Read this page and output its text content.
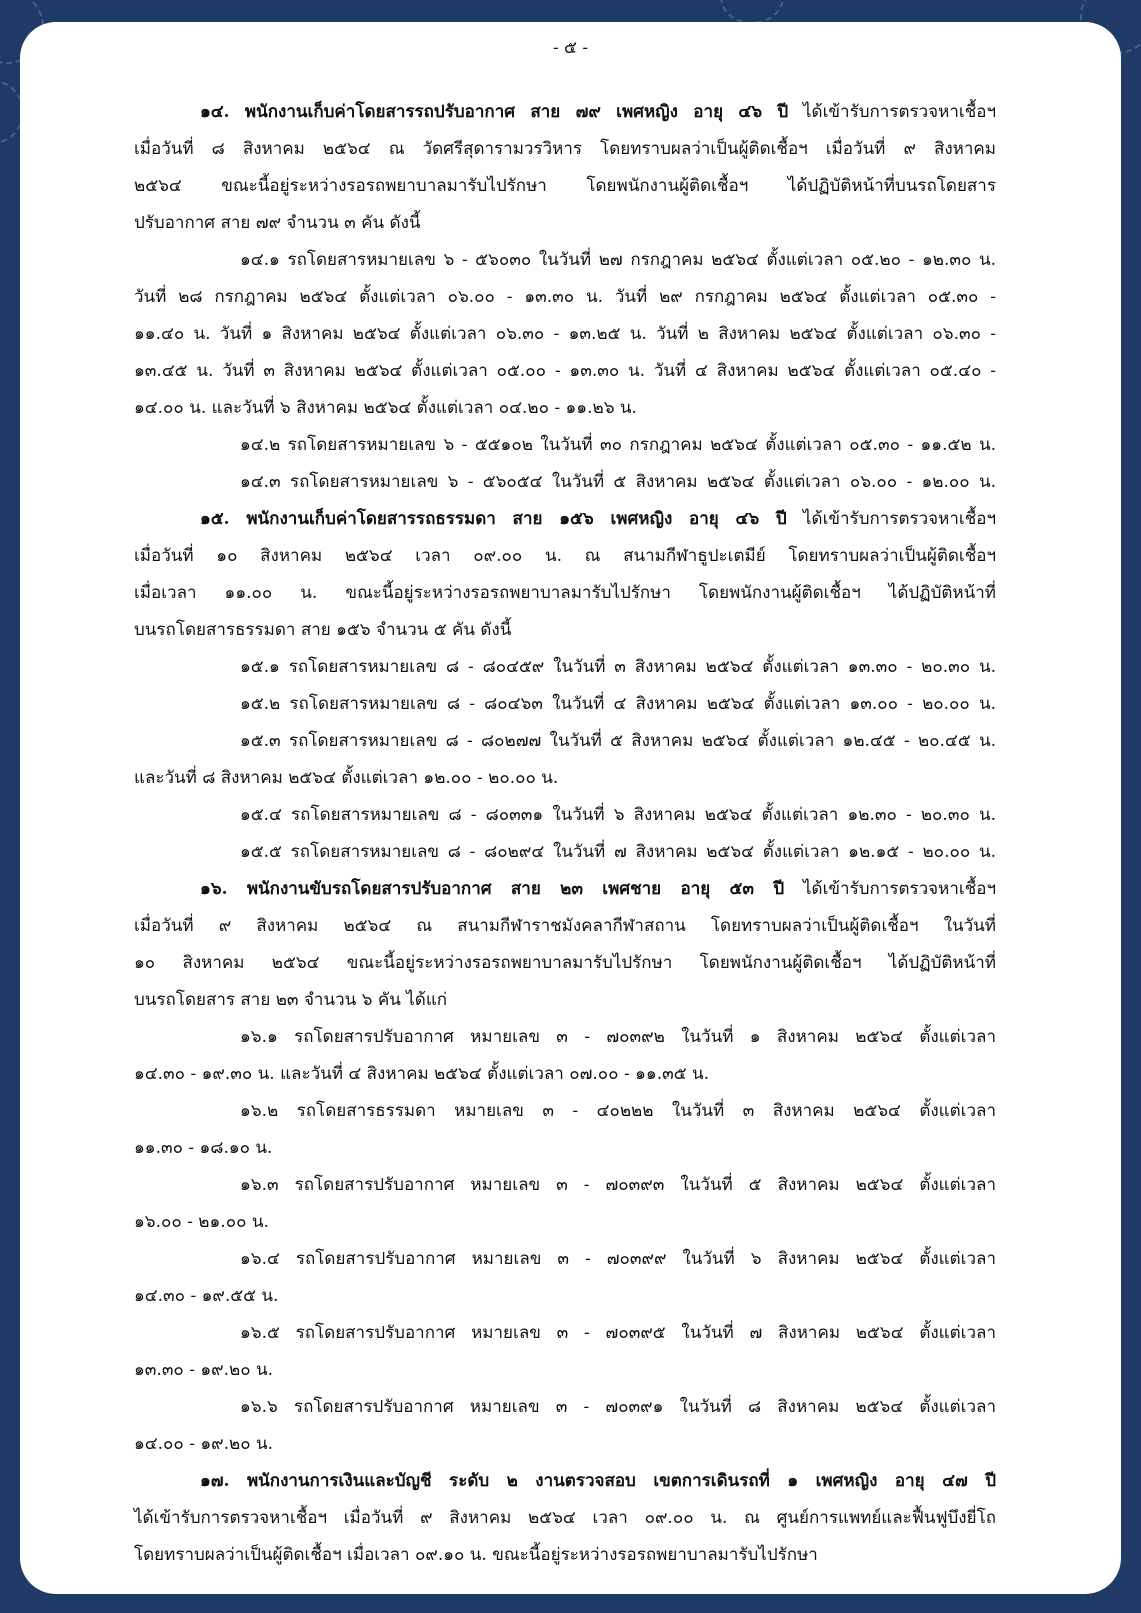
- ๕ -

๑๔. พนักงานเก็บค่าโดยสารรถปรับอากาศ สาย ๗๙ เพศหญิง อายุ ๔๖ ปี ได้เข้ารับการตรวจหาเชื้อฯ

เมื่อวันที่ ๘ สิงหาคม ๒๕๖๔ ณ วัดศรีสุดารามวรวิหาร โดยทราบผลว่าเป็นผู้ติดเชื้อฯ เมื่อวันที่ ๙ สิงหาคม

๒๕๖๔ ขณะนี้อยู่ระหว่างรอรถพยาบาลมารับไปรักษา โดยพนักงานผู้ติดเชื้อฯ ได้ปฏิบัติหน้าที่บนรถโดยสาร

ปรับอากาศ สาย ๗๙ จำนวน ๓ คัน ดังนี้

๑๔.๑ รถโดยสารหมายเลข ๖ - ๕๖๐๓๐ ในวันที่ ๒๗ กรกฎาคม ๒๕๖๔ ตั้งแต่เวลา ๐๕.๒๐ - ๑๒.๓๐ น.

วันที่ ๒๘ กรกฎาคม ๒๕๖๔ ตั้งแต่เวลา ๐๖.๐๐ - ๑๓.๓๐ น. วันที่ ๒๙ กรกฎาคม ๒๕๖๔ ตั้งแต่เวลา ๐๕.๓๐ -

๑๑.๔๐ น. วันที่ ๑ สิงหาคม ๒๕๖๔ ตั้งแต่เวลา ๐๖.๓๐ - ๑๓.๒๕ น. วันที่ ๒ สิงหาคม ๒๕๖๔ ตั้งแต่เวลา ๐๖.๓๐ -

๑๓.๔๕ น. วันที่ ๓ สิงหาคม ๒๕๖๔ ตั้งแต่เวลา ๐๕.๐๐ - ๑๓.๓๐ น. วันที่ ๔ สิงหาคม ๒๕๖๔ ตั้งแต่เวลา ๐๕.๔๐ -

๑๔.๐๐ น. และวันที่ ๖ สิงหาคม ๒๕๖๔ ตั้งแต่เวลา ๐๔.๒๐ - ๑๑.๒๖ น.

๑๔.๒ รถโดยสารหมายเลข ๖ - ๕๕๑๐๒ ในวันที่ ๓๐ กรกฎาคม ๒๕๖๔ ตั้งแต่เวลา ๐๕.๓๐ - ๑๑.๕๒ น.

๑๔.๓ รถโดยสารหมายเลข ๖ - ๕๖๐๕๔ ในวันที่ ๕ สิงหาคม ๒๕๖๔ ตั้งแต่เวลา ๐๖.๐๐ - ๑๒.๐๐ น.

๑๕. พนักงานเก็บค่าโดยสารรถธรรมดา สาย ๑๕๖ เพศหญิง อายุ ๔๖ ปี ได้เข้ารับการตรวจหาเชื้อฯ

เมื่อวันที่ ๑๐ สิงหาคม ๒๕๖๔ เวลา ๐๙.๐๐ น. ณ สนามกีฬาธูปะเตมีย์ โดยทราบผลว่าเป็นผู้ติดเชื้อฯ

เมื่อเวลา ๑๑.๐๐ น. ขณะนี้อยู่ระหว่างรอรถพยาบาลมารับไปรักษา โดยพนักงานผู้ติดเชื้อฯ ได้ปฏิบัติหน้าที่

บนรถโดยสารธรรมดา สาย ๑๕๖ จำนวน ๕ คัน ดังนี้

๑๕.๑ รถโดยสารหมายเลข ๘ - ๘๐๔๕๙ ในวันที่ ๓ สิงหาคม ๒๕๖๔ ตั้งแต่เวลา ๑๓.๓๐ - ๒๐.๓๐ น.

๑๕.๒ รถโดยสารหมายเลข ๘ - ๘๐๔๖๓ ในวันที่ ๔ สิงหาคม ๒๕๖๔ ตั้งแต่เวลา ๑๓.๐๐ - ๒๐.๐๐ น.

๑๕.๓ รถโดยสารหมายเลข ๘ - ๘๐๒๗๗ ในวันที่ ๕ สิงหาคม ๒๕๖๔ ตั้งแต่เวลา ๑๒.๔๕ - ๒๐.๔๕ น.

และวันที่ ๘ สิงหาคม ๒๕๖๔ ตั้งแต่เวลา ๑๒.๐๐ - ๒๐.๐๐ น.

๑๕.๔ รถโดยสารหมายเลข ๘ - ๘๐๓๓๑ ในวันที่ ๖ สิงหาคม ๒๕๖๔ ตั้งแต่เวลา ๑๒.๓๐ - ๒๐.๓๐ น.

๑๕.๕ รถโดยสารหมายเลข ๘ - ๘๐๒๙๔ ในวันที่ ๗ สิงหาคม ๒๕๖๔ ตั้งแต่เวลา ๑๒.๑๕ - ๒๐.๐๐ น.

๑๖. พนักงานขับรถโดยสารปรับอากาศ สาย ๒๓ เพศชาย อายุ ๕๓ ปี ได้เข้ารับการตรวจหาเชื้อฯ

เมื่อวันที่ ๙ สิงหาคม ๒๕๖๔ ณ สนามกีฬาราชมังคลากีฬาสถาน โดยทราบผลว่าเป็นผู้ติดเชื้อฯ ในวันที่

๑๐ สิงหาคม ๒๕๖๔ ขณะนี้อยู่ระหว่างรอรถพยาบาลมารับไปรักษา โดยพนักงานผู้ติดเชื้อฯ ได้ปฏิบัติหน้าที่

บนรถโดยสาร สาย ๒๓ จำนวน ๖ คัน ได้แก่

๑๖.๑ รถโดยสารปรับอากาศ หมายเลข ๓ - ๗๐๓๙๒ ในวันที่ ๑ สิงหาคม ๒๕๖๔ ตั้งแต่เวลา

๑๔.๓๐ - ๑๙.๓๐ น. และวันที่ ๔ สิงหาคม ๒๕๖๔ ตั้งแต่เวลา ๐๗.๐๐ - ๑๑.๓๕ น.

๑๖.๒ รถโดยสารธรรมดา หมายเลข ๓ - ๔๐๒๒๒ ในวันที่ ๓ สิงหาคม ๒๕๖๔ ตั้งแต่เวลา

๑๑.๓๐ - ๑๘.๑๐ น.

๑๖.๓ รถโดยสารปรับอากาศ หมายเลข ๓ - ๗๐๓๙๓ ในวันที่ ๕ สิงหาคม ๒๕๖๔ ตั้งแต่เวลา

๑๖.๐๐ - ๒๑.๐๐ น.

๑๖.๔ รถโดยสารปรับอากาศ หมายเลข ๓ - ๗๐๓๙๙ ในวันที่ ๖ สิงหาคม ๒๕๖๔ ตั้งแต่เวลา

๑๔.๓๐ - ๑๙.๕๕ น.

๑๖.๕ รถโดยสารปรับอากาศ หมายเลข ๓ - ๗๐๓๙๕ ในวันที่ ๗ สิงหาคม ๒๕๖๔ ตั้งแต่เวลา

๑๓.๓๐ - ๑๙.๒๐ น.

๑๖.๖ รถโดยสารปรับอากาศ หมายเลข ๓ - ๗๐๓๙๑ ในวันที่ ๘ สิงหาคม ๒๕๖๔ ตั้งแต่เวลา

๑๔.๐๐ - ๑๙.๒๐ น.

๑๗. พนักงานการเงินและบัญชี ระดับ ๒ งานตรวจสอบ เขตการเดินรถที่ ๑ เพศหญิง อายุ ๔๗ ปี

ได้เข้ารับการตรวจหาเชื้อฯ เมื่อวันที่ ๙ สิงหาคม ๒๕๖๔ เวลา ๐๙.๐๐ น. ณ ศูนย์การแพทย์และฟื้นฟูบึงยี่โถ

โดยทราบผลว่าเป็นผู้ติดเชื้อฯ เมื่อเวลา ๐๙.๑๐ น. ขณะนี้อยู่ระหว่างรอรถพยาบาลมารับไปรักษา
